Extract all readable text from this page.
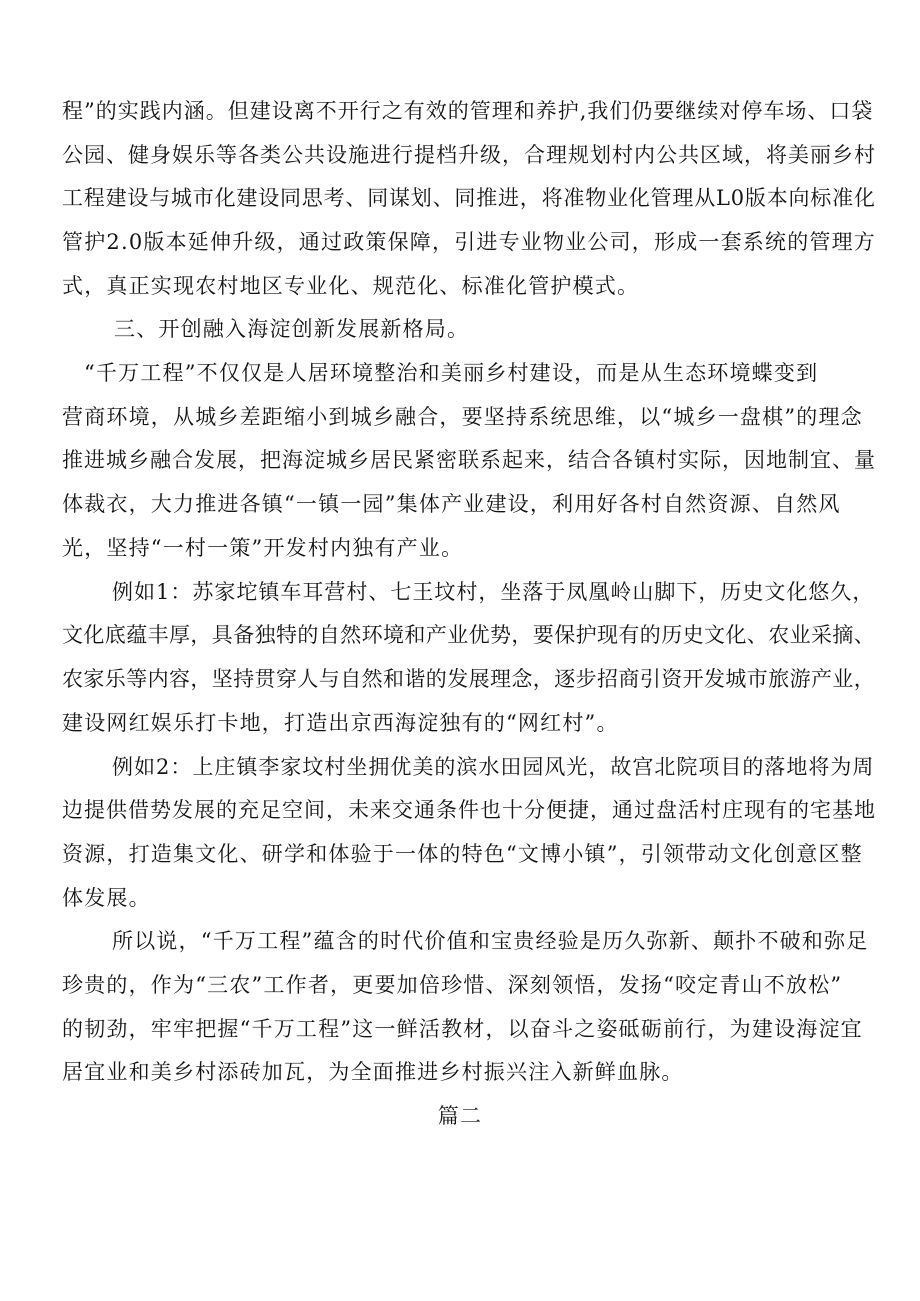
程”的实践内涵。但建设离不开行之有效的管理和养护,我们仍要继续对停车场、口袋
公园、健身娱乐等各类公共设施进行提档升级，合理规划村内公共区域，将美丽乡村
工程建设与城市化建设同思考、同谋划、同推进，将准物业化管理从L0版本向标准化
管护2.0版本延伸升级，通过政策保障，引进专业物业公司，形成一套系统的管理方
式，真正实现农村地区专业化、规范化、标准化管护模式。
三、开创融入海淀创新发展新格局。
“千万工程”不仅仅是人居环境整治和美丽乡村建设，而是从生态环境蝶变到
营商环境，从城乡差距缩小到城乡融合，要坚持系统思维，以“城乡一盘棋”的理念
推进城乡融合发展，把海淀城乡居民紧密联系起来，结合各镇村实际，因地制宜、量
体裁衣，大力推进各镇“一镇一园”集体产业建设，利用好各村自然资源、自然风
光，坚持“一村一策”开发村内独有产业。
例如1：苏家坨镇车耳营村、七王坟村，坐落于凤凰岭山脚下，历史文化悠久，
文化底蕴丰厚，具备独特的自然环境和产业优势，要保护现有的历史文化、农业采摘、
农家乐等内容，坚持贯穿人与自然和谐的发展理念，逐步招商引资开发城市旅游产业，
建设网红娱乐打卡地，打造出京西海淀独有的“网红村”。
例如2：上庄镇李家坟村坐拥优美的滨水田园风光，故宫北院项目的落地将为周
边提供借势发展的充足空间，未来交通条件也十分便捷，通过盘活村庄现有的宅基地
资源，打造集文化、研学和体验于一体的特色“文博小镇”，引领带动文化创意区整
体发展。
所以说，“千万工程”蕴含的时代价值和宝贵经验是历久弥新、颠扑不破和弥足
珍贵的，作为“三农”工作者，更要加倍珍惜、深刻领悟，发扬“咬定青山不放松”
的韧劲，牢牢把握“千万工程”这一鲜活教材，以奋斗之姿砥砺前行，为建设海淀宜
居宜业和美乡村添砖加瓦，为全面推进乡村振兴注入新鲜血脉。
篇二
